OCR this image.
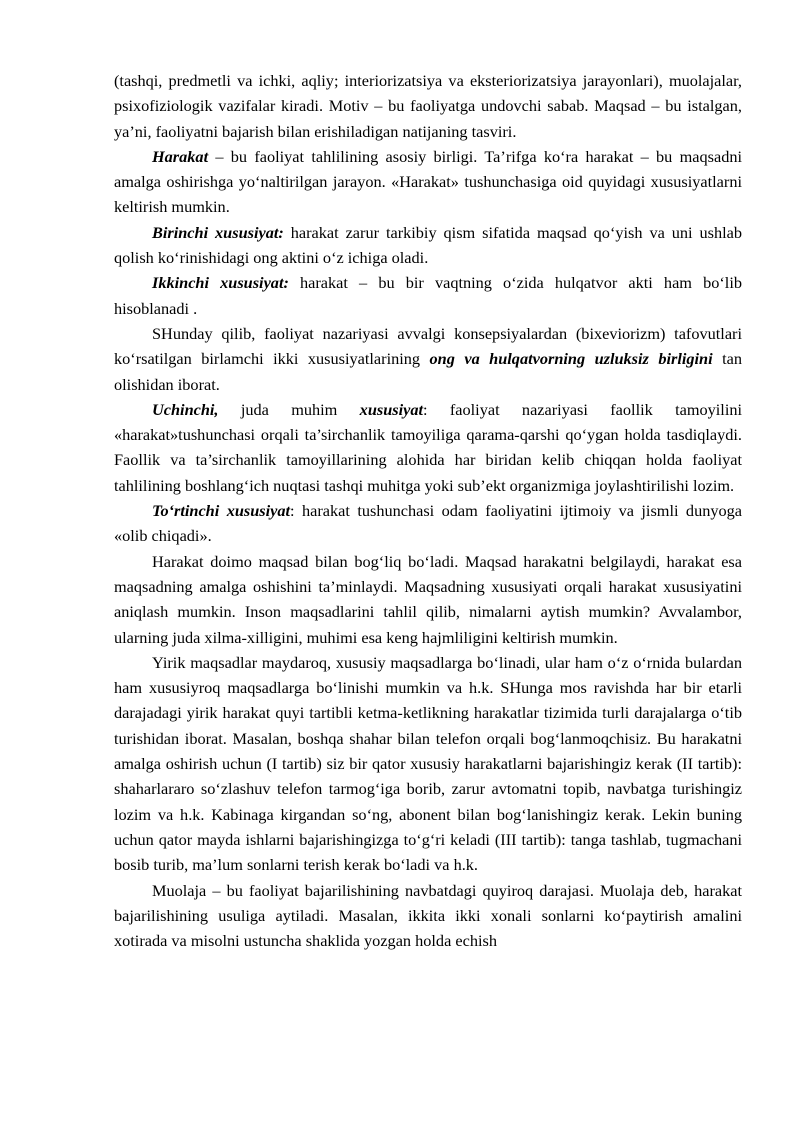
(tashqi, predmetli va ichki, aqliy; interiorizatsiya va eksteriorizatsiya jarayonlari), muolajalar, psixofiziologik vazifalar kiradi. Motiv – bu faoliyatga undovchi sabab. Maqsad – bu istalgan, ya’ni, faoliyatni bajarish bilan erishiladigan natijaning tasviri.

Harakat – bu faoliyat tahlilining asosiy birligi. Ta’rifga ko‘ra harakat – bu maqsadni amalga oshirishga yo‘naltirilgan jarayon. «Harakat» tushunchasiga oid quyidagi xususiyatlarni keltirish mumkin.

Birinchi xususiyat: harakat zarur tarkibiy qism sifatida maqsad qo‘yish va uni ushlab qolish ko‘rinishidagi ong aktini o‘z ichiga oladi.

Ikkinchi xususiyat: harakat – bu bir vaqtning o‘zida hulqatvor akti ham bo‘lib hisoblanadi .

SHunday qilib, faoliyat nazariyasi avvalgi konsepsiyalardan (bixeviorizm) tafovutlari ko‘rsatilgan birlamchi ikki xususiyatlarining ong va hulqatvorning uzluksiz birligini tan olishidan iborat.

Uchinchi, juda muhim xususiyat: faoliyat nazariyasi faollik tamoyilini «harakat»tushunchasi orqali ta’sirchanlik tamoyiliga qarama-qarshi qo‘ygan holda tasdiqlaydi. Faollik va ta’sirchanlik tamoyillarining alohida har biridan kelib chiqqan holda faoliyat tahlilining boshlang‘ich nuqtasi tashqi muhitga yoki sub’ekt organizmiga joylashtirilishi lozim.

To‘rtinchi xususiyat: harakat tushunchasi odam faoliyatini ijtimoiy va jismli dunyoga «olib chiqadi».

Harakat doimo maqsad bilan bog‘liq bo‘ladi. Maqsad harakatni belgilaydi, harakat esa maqsadning amalga oshishini ta’minlaydi. Maqsadning xususiyati orqali harakat xususiyatini aniqlash mumkin. Inson maqsadlarini tahlil qilib, nimalarni aytish mumkin? Avvalambor, ularning juda xilma-xilligini, muhimi esa keng hajmliligini keltirish mumkin.

Yirik maqsadlar maydaroq, xususiy maqsadlarga bo‘linadi, ular ham o‘z o‘rnida bulardan ham xususiyroq maqsadlarga bo‘linishi mumkin va h.k. SHunga mos ravishda har bir etarli darajadagi yirik harakat quyi tartibli ketma-ketlikning harakatlar tizimida turli darajalarga o‘tib turishidan iborat. Masalan, boshqa shahar bilan telefon orqali bog‘lanmoqchisiz. Bu harakatni amalga oshirish uchun (I tartib) siz bir qator xususiy harakatlarni bajarishingiz kerak (II tartib): shaharlararo so‘zlashuv telefon tarmog‘iga borib, zarur avtomatni topib, navbatga turishingiz lozim va h.k. Kabinaga kirgandan so‘ng, abonent bilan bog‘lanishingiz kerak. Lekin buning uchun qator mayda ishlarni bajarishingizga to‘g‘ri keladi (III tartib): tanga tashlab, tugmachani bosib turib, ma’lum sonlarni terish kerak bo‘ladi va h.k.

Muolaja – bu faoliyat bajarilishining navbatdagi quyiroq darajasi. Muolaja deb, harakat bajarilishining usuliga aytiladi. Masalan, ikkita ikki xonali sonlarni ko‘paytirish amalini xotirada va misolni ustuncha shaklida yozgan holda echish
